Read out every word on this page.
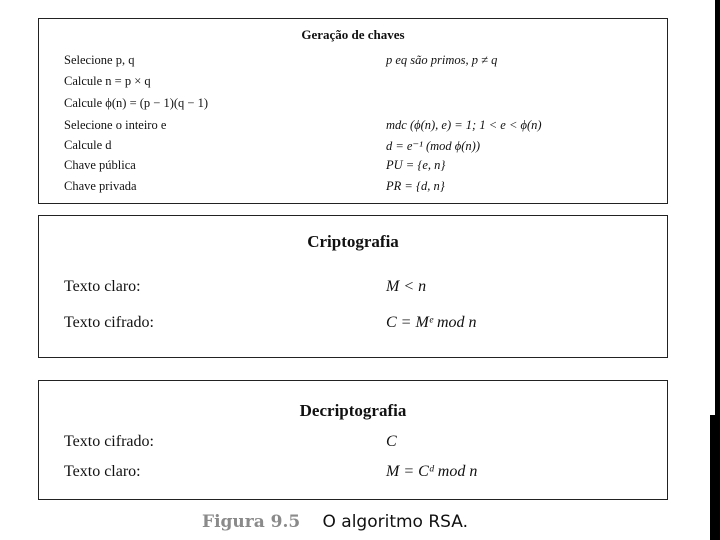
Geração de chaves
Selecione p, q	p eq são primos, p ≠ q
Calcule n = p × q
Calcule ϕ(n) = (p − 1)(q − 1)
Selecione o inteiro e	mdc (ϕ(n), e) = 1; 1 < e < ϕ(n)
Calcule d	d = e⁻¹ (mod ϕ(n))
Chave pública	PU = {e, n}
Chave privada	PR = {d, n}
Criptografia
Texto claro:	M < n
Texto cifrado:	C = Mᵉ mod n
Decriptografia
Texto cifrado:	C
Texto claro:	M = Cᵈ mod n
Figura 9.5 O algoritmo RSA.
